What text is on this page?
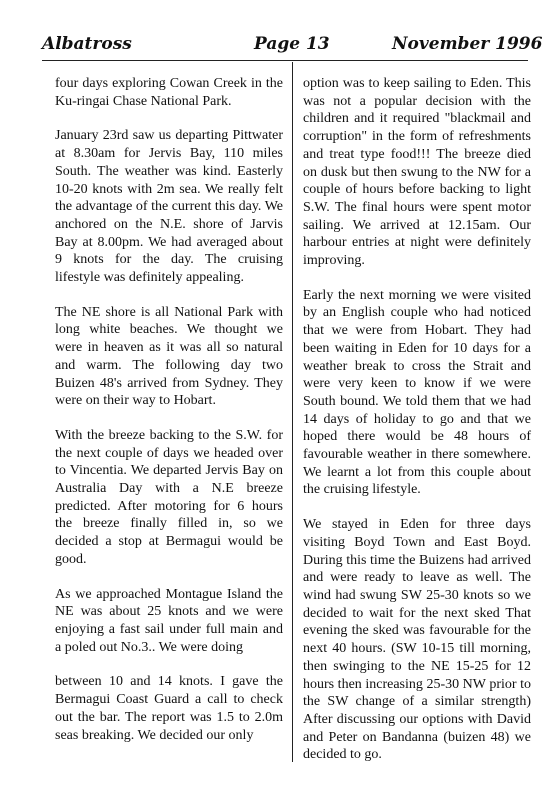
Albatross	Page 13	November 1996

four days exploring Cowan Creek in the Ku-ringai Chase National Park.

January 23rd saw us departing Pittwater at 8.30am for Jervis Bay, 110 miles South. The weather was kind. Easterly 10-20 knots with 2m sea. We really felt the advantage of the current this day. We anchored on the N.E. shore of Jarvis Bay at 8.00pm. We had averaged about 9 knots for the day. The cruising lifestyle was definitely appealing.

The NE shore is all National Park with long white beaches. We thought we were in heaven as it was all so natural and warm. The following day two Buizen 48's arrived from Sydney. They were on their way to Hobart.

With the breeze backing to the S.W. for the next couple of days we headed over to Vincentia. We departed Jervis Bay on Australia Day with a N.E breeze predicted. After motoring for 6 hours the breeze finally filled in, so we decided a stop at Bermagui would be good.

As we approached Montague Island the NE was about 25 knots and we were enjoying a fast sail under full main and a poled out No.3.. We were doing

between 10 and 14 knots. I gave the Bermagui Coast Guard a call to check out the bar. The report was 1.5 to 2.0m seas breaking. We decided our only

option was to keep sailing to Eden. This was not a popular decision with the children and it required "blackmail and corruption" in the form of refreshments and treat type food!!! The breeze died on dusk but then swung to the NW for a couple of hours before backing to light S.W. The final hours were spent motor sailing. We arrived at 12.15am. Our harbour entries at night were definitely improving.

Early the next morning we were visited by an English couple who had noticed that we were from Hobart. They had been waiting in Eden for 10 days for a weather break to cross the Strait and were very keen to know if we were South bound. We told them that we had 14 days of holiday to go and that we hoped there would be 48 hours of favourable weather in there somewhere. We learnt a lot from this couple about the cruising lifestyle.

We stayed in Eden for three days visiting Boyd Town and East Boyd. During this time the Buizens had arrived and were ready to leave as well. The wind had swung SW 25-30 knots so we decided to wait for the next sked That evening the sked was favourable for the next 40 hours. (SW 10-15 till morning, then swinging to the NE 15-25 for 12 hours then increasing 25-30 NW prior to the SW change of a similar strength) After discussing our options with David and Peter on Bandanna (buizen 48) we decided to go.
